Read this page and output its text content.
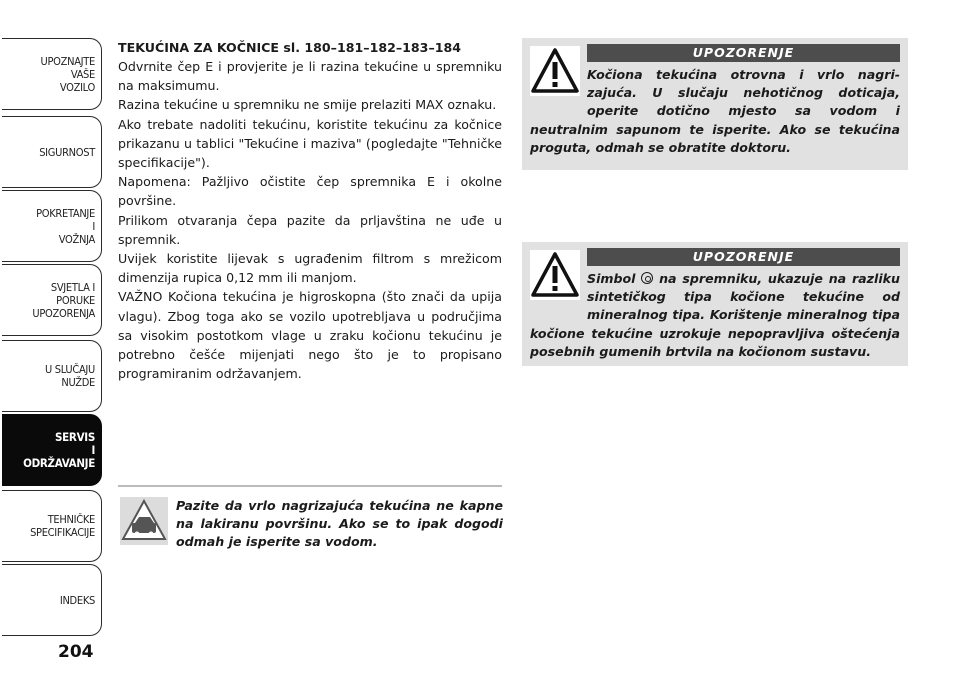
UPOZNAJTE
VAŠE
VOZILO
SIGURNOST
POKRETANJE
I
VOŽNJA
SVJETLA I
PORUKE
UPOZORENJA
U SLUČAJU
NUŽDE
SERVIS
I
ODRŽAVANJE
TEHNIČKE
SPECIFIKACIJE
INDEKS
204
TEKUĆINA ZA KOČNICE sl. 180–181–182–183–184

Odvrnite čep E i provjerite je li razina tekućine u spremniku na maksimumu.

Razina tekućine u spremniku ne smije prelaziti MAX oznaku.

Ako trebate nadoliti tekućinu, koristite tekućinu za kočnice prikazanu u tablici "Tekućine i maziva" (pogledajte "Tehničke specifikacije").

Napomena: Pažljivo očistite čep spremnika E i okolne površine.

Prilikom otvaranja čepa pazite da prljavština ne uđe u spremnik.

Uvijek koristite lijevak s ugrađenim filtrom s mrežicom dimenzija rupica 0,12 mm ili manjom.

VAŽNO Kočiona tekućina je higroskopna (što znači da upija vlagu). Zbog toga ako se vozilo upotrebljava u područjima sa visokim postotkom vlage u zraku kočionu tekućinu je potrebno češće mijenjati nego što je to propisano programiranim održavanjem.

Pazite da vrlo nagrizajuća tekućina ne kapne na lakiranu površinu. Ako se to ipak dogodi odmah je isperite sa vodom.
UPOZORENJE
Kočiona tekućina otrovna i vrlo nagri-zajuća. U slučaju nehotičnog doticaja, operite dotično mjesto sa vodom i neutralnim sapunom te isperite. Ako se tekućina proguta, odmah se obratite doktoru.
UPOZORENJE
Simbol na spremniku, ukazuje na razliku sintetičkog tipa kočione tekućine od mineralnog tipa. Korištenje mineralnog tipa kočione tekućine uzrokuje nepopravljiva oštećenja posebnih gumenih brtvila na kočionom sustavu.
